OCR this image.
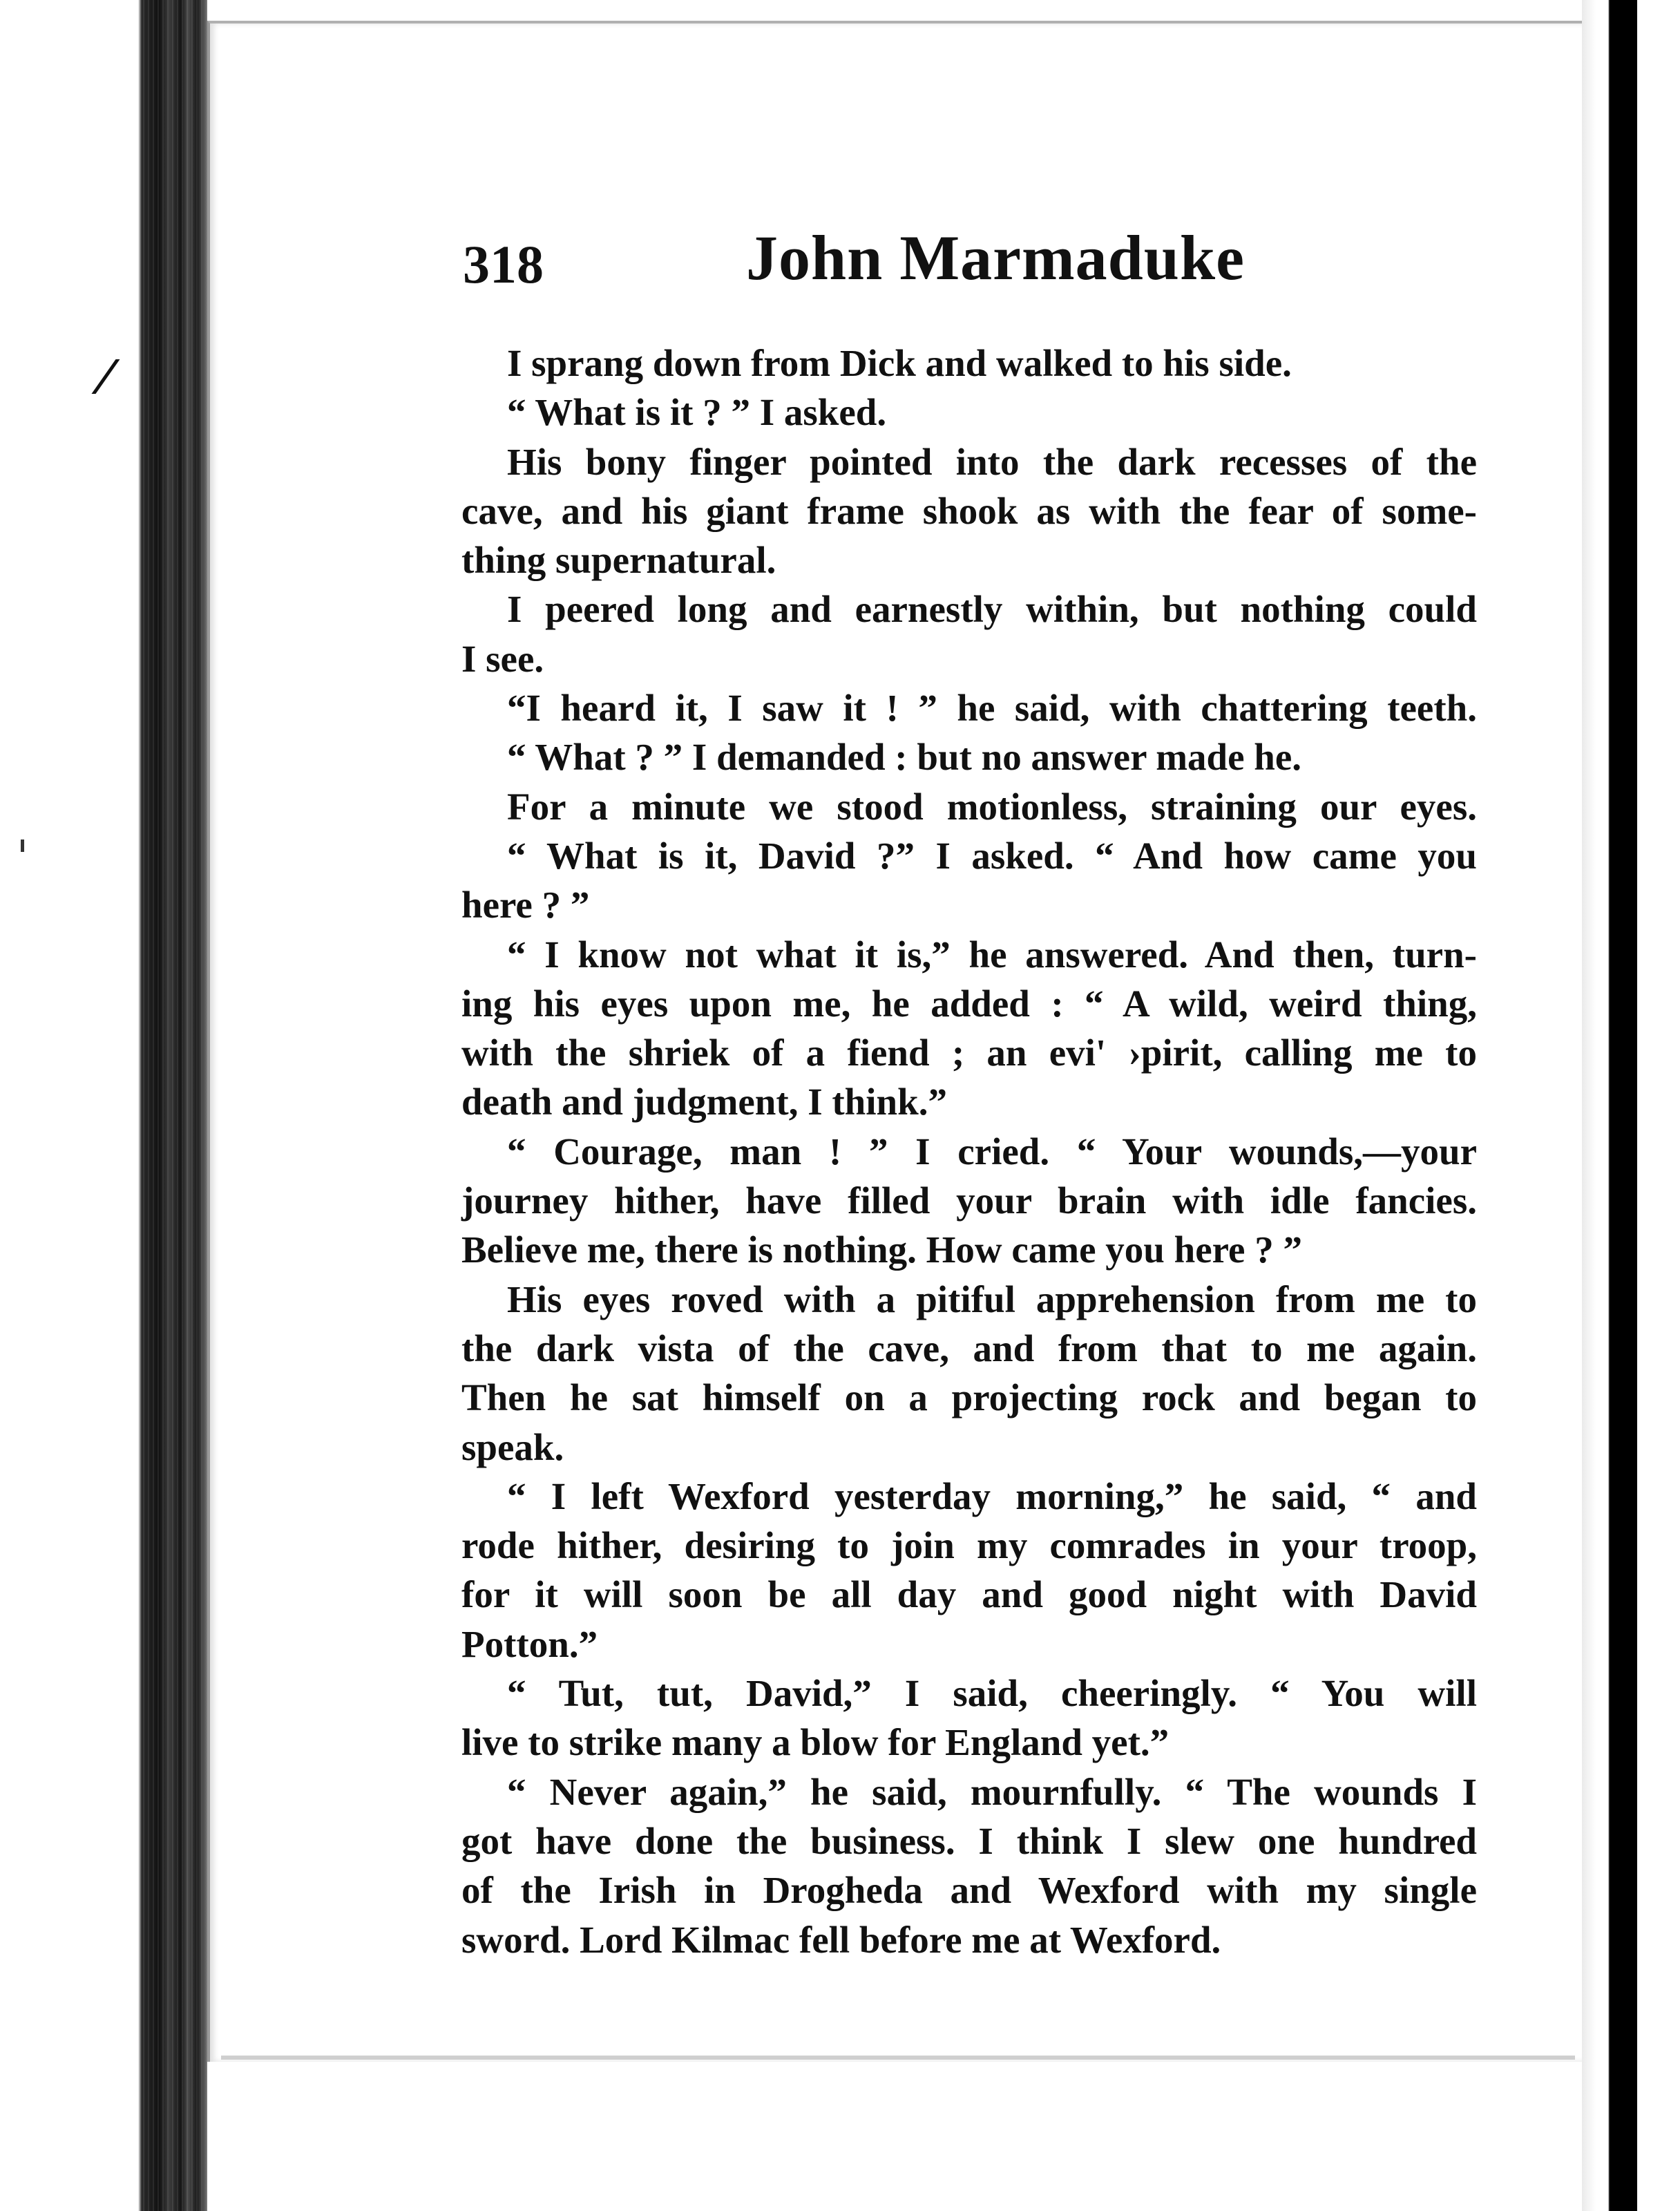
318	John Marmaduke
I sprang down from Dick and walked to his side.
“ What is it ? ” I asked.
His bony finger pointed into the dark recesses of the
cave, and his giant frame shook as with the fear of some-
thing supernatural.
I peered long and earnestly within, but nothing could
I see.
“I heard it, I saw it ! ” he said, with chattering teeth.
“ What ? ” I demanded : but no answer made he.
For a minute we stood motionless, straining our eyes.
“ What is it, David ?” I asked. “ And how came you
here ? ”
“ I know not what it is,” he answered. And then, turn-
ing his eyes upon me, he added : “ A wild, weird thing,
with the shriek of a fiend ; an evi' ›pirit, calling me to
death and judgment, I think.”
“ Courage, man ! ” I cried. “ Your wounds,—your
journey hither, have filled your brain with idle fancies.
Believe me, there is nothing. How came you here ? ”
His eyes roved with a pitiful apprehension from me to
the dark vista of the cave, and from that to me again.
Then he sat himself on a projecting rock and began to
speak.
“ I left Wexford yesterday morning,” he said, “ and
rode hither, desiring to join my comrades in your troop,
for it will soon be all day and good night with David
Potton.”
“ Tut, tut, David,” I said, cheeringly. “ You will
live to strike many a blow for England yet.”
“ Never again,” he said, mournfully. “ The wounds I
got have done the business. I think I slew one hundred
of the Irish in Drogheda and Wexford with my single
sword. Lord Kilmac fell before me at Wexford.
